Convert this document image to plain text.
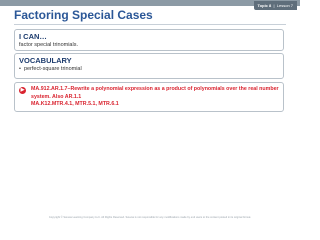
Topic 8  |  Lesson 7
Factoring Special Cases
I CAN…
factor special trinomials.
VOCABULARY
• perfect-square trinomial
▶ MA.912.AR.1.7–Rewrite a polynomial expression as a product of polynomials over the real number system. Also AR.1.1
MA.K12.MTR.4.1, MTR.5.1, MTR.6.1
Copyright © Savvas Learning Company LLC. All Rights Reserved. Savvas is not responsible for any modifications made by end users to the content posted in its original format.
